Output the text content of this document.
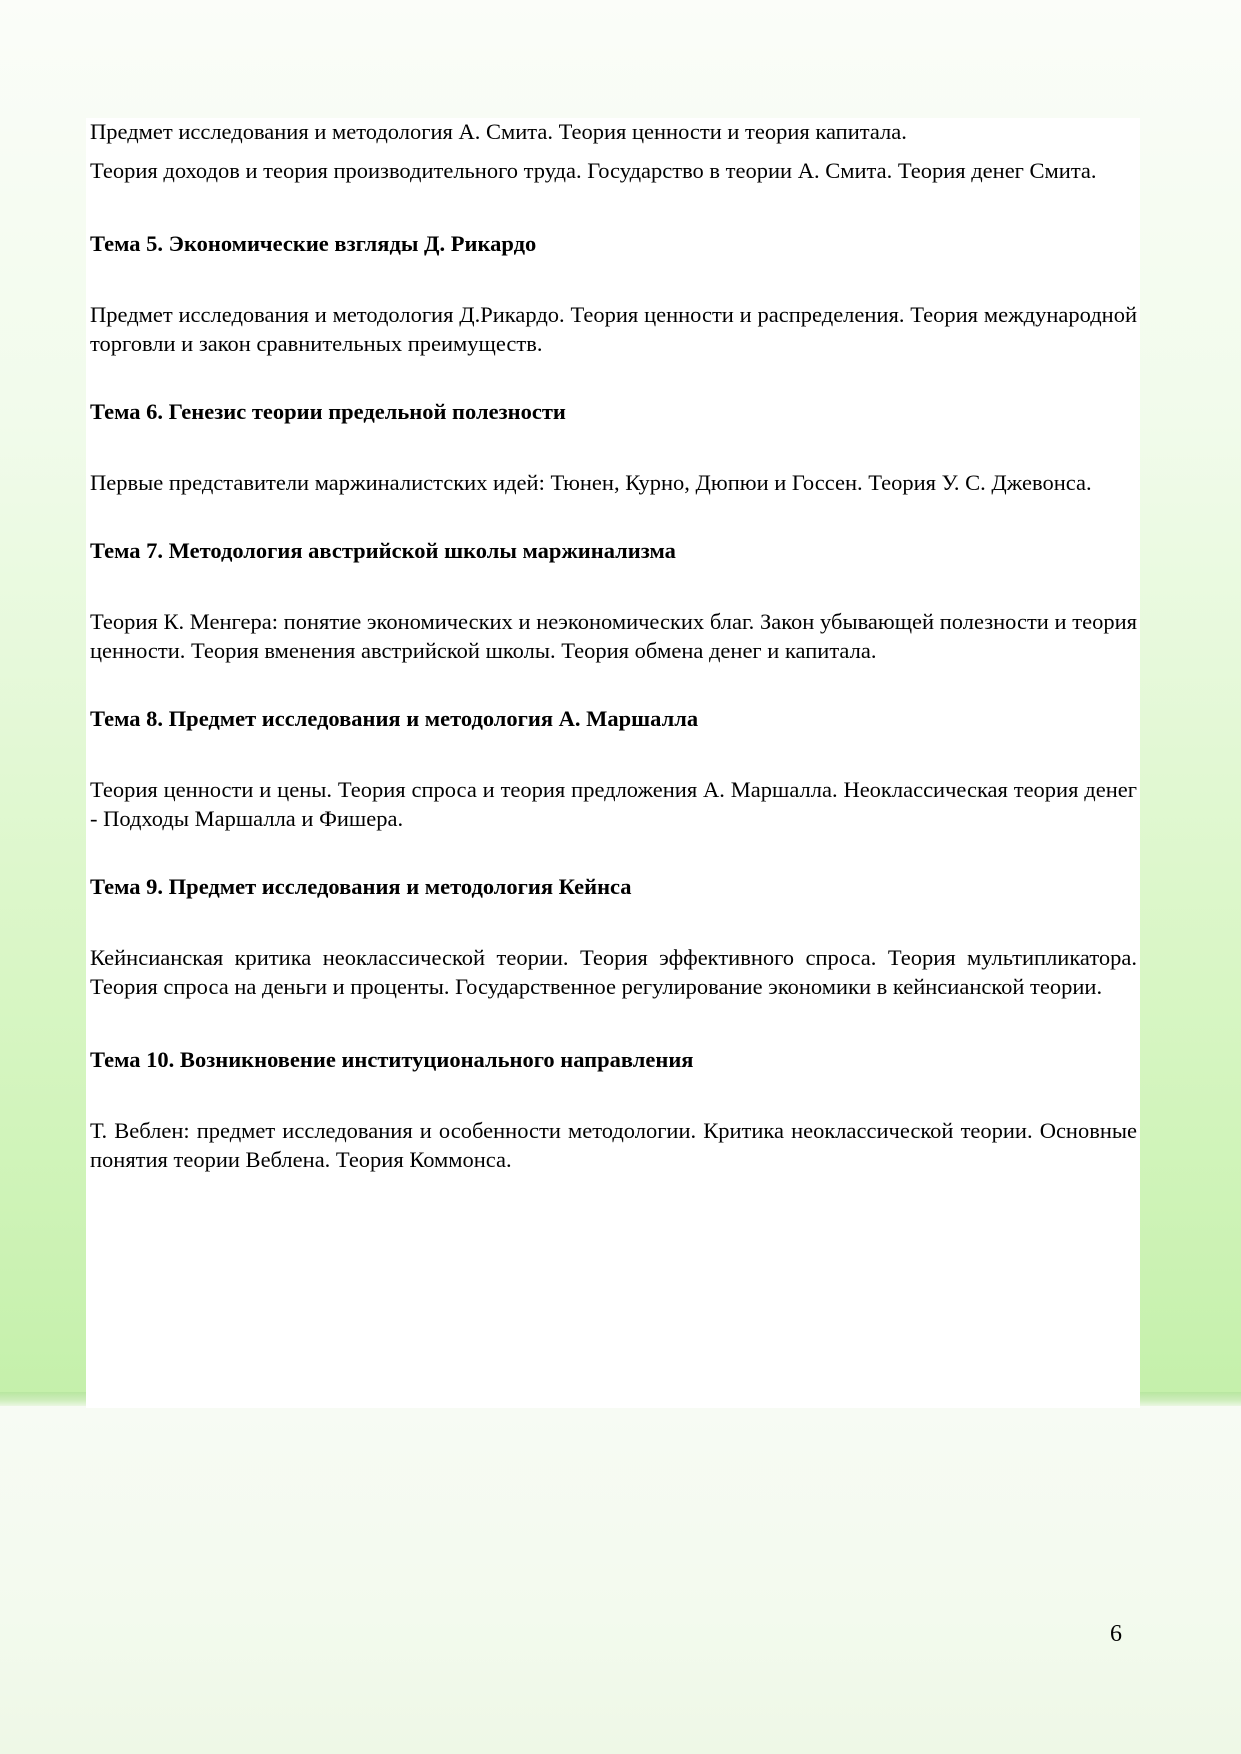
Предмет исследования и методология А. Смита. Теория ценности и теория капитала.

Теория доходов и теория производительного труда. Государство в теории А. Смита. Теория денег Смита.

Тема 5. Экономические взгляды Д. Рикардо

Предмет исследования и методология Д.Рикардо. Теория ценности и распределения. Теория международной торговли и закон сравнительных преимуществ.

Тема 6. Генезис теории предельной полезности

Первые представители маржиналистских идей: Тюнен, Курно, Дюпюи и Госсен. Теория У. С. Джевонса.

Тема 7. Методология австрийской школы маржинализма

Теория К. Менгера: понятие экономических и неэкономических благ. Закон убывающей полезности и теория ценности. Теория вменения австрийской школы. Теория обмена денег и капитала.

Тема 8. Предмет исследования и методология А. Маршалла

Теория ценности и цены. Теория спроса и теория предложения А. Маршалла. Неоклассическая теория денег - Подходы Маршалла и Фишера.

Тема 9. Предмет исследования и методология Кейнса

Кейнсианская критика неоклассической теории. Теория эффективного спроса. Теория мультипликатора. Теория спроса на деньги и проценты. Государственное регулирование экономики в кейнсианской теории.

Тема 10. Возникновение институционального направления

Т. Веблен: предмет исследования и особенности методологии. Критика неоклассической теории. Основные понятия теории Веблена. Теория Коммонса.

6
